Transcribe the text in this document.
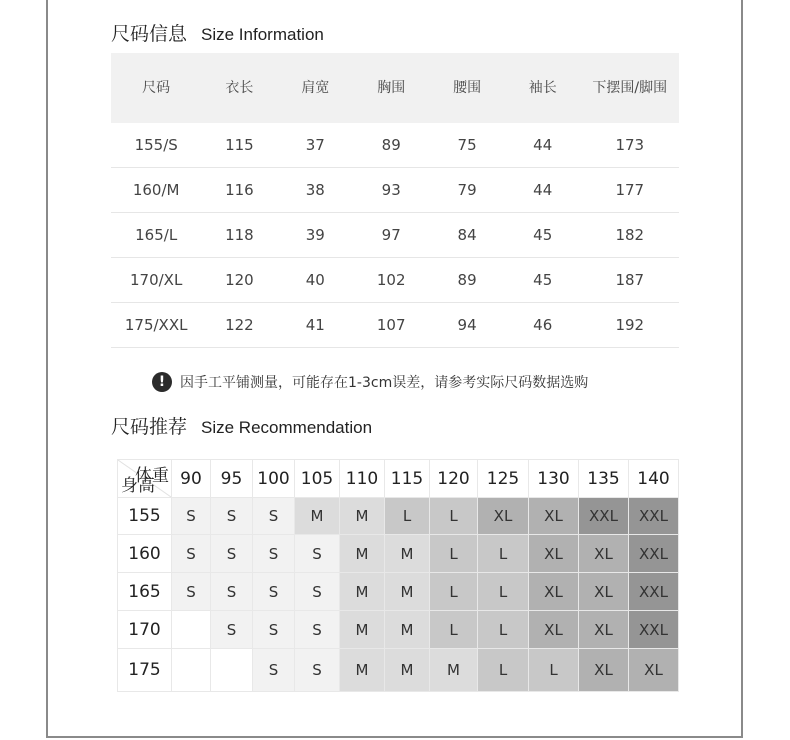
尺码信息 Size Information
尺码	衣长	肩宽	胸围	腰围	袖长	下摆围/脚围
155/S	115	37	89	75	44	173
160/M	116	38	93	79	44	177
165/L	118	39	97	84	45	182
170/XL	120	40	102	89	45	187
175/XXL	122	41	107	94	46	192
!	因手工平铺测量，可能存在1-3cm误差，请参考实际尺码数据选购
尺码推荐 Size Recommendation
体重
身高	90	95	100	105	110	115	120	125	130	135	140
155	S	S	S	M	M	L	L	XL	XL	XXL	XXL
160	S	S	S	S	M	M	L	L	XL	XL	XXL
165	S	S	S	S	M	M	L	L	XL	XL	XXL
170		S	S	S	M	M	L	L	XL	XL	XXL
175			S	S	M	M	M	L	L	XL	XL
